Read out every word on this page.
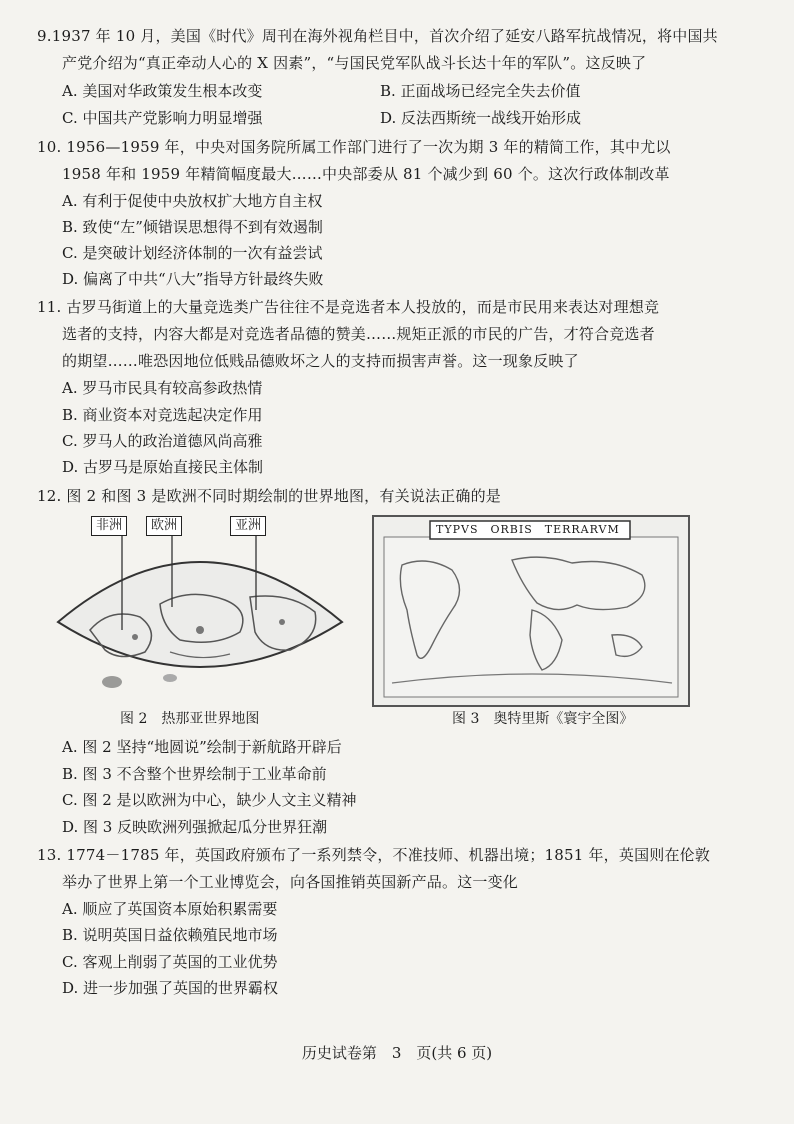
9.1937 年 10 月，美国《时代》周刊在海外视角栏目中，首次介绍了延安八路军抗战情况，将中国共
产党介绍为“真正牵动人心的 X 因素”，“与国民党军队战斗长达十年的军队”。这反映了
A. 美国对华政策发生根本改变	B. 正面战场已经完全失去价值
C. 中国共产党影响力明显增强	D. 反法西斯统一战线开始形成
10. 1956—1959 年，中央对国务院所属工作部门进行了一次为期 3 年的精简工作，其中尤以
1958 年和 1959 年精简幅度最大……中央部委从 81 个减少到 60 个。这次行政体制改革
A. 有利于促使中央放权扩大地方自主权
B. 致使“左”倾错误思想得不到有效遏制
C. 是突破计划经济体制的一次有益尝试
D. 偏离了中共“八大”指导方针最终失败
11. 古罗马街道上的大量竞选类广告往往不是竞选者本人投放的，而是市民用来表达对理想竞
选者的支持，内容大都是对竞选者品德的赞美……规矩正派的市民的广告，才符合竞选者
的期望……唯恐因地位低贱品德败坏之人的支持而损害声誉。这一现象反映了
A. 罗马市民具有较高参政热情
B. 商业资本对竞选起决定作用
C. 罗马人的政治道德风尚高雅
D. 古罗马是原始直接民主体制
12. 图 2 和图 3 是欧洲不同时期绘制的世界地图，有关说法正确的是
非洲	欧洲	亚洲
图 2　热那亚世界地图
TYPVS　ORBIS　TERRARVM
图 3　奥特里斯《寰宇全图》
A. 图 2 坚持“地圆说”绘制于新航路开辟后
B. 图 3 不含整个世界绘制于工业革命前
C. 图 2 是以欧洲为中心，缺少人文主义精神
D. 图 3 反映欧洲列强掀起瓜分世界狂潮
13. 1774－1785 年，英国政府颁布了一系列禁令，不准技师、机器出境；1851 年，英国则在伦敦
举办了世界上第一个工业博览会，向各国推销英国新产品。这一变化
A. 顺应了英国资本原始积累需要
B. 说明英国日益依赖殖民地市场
C. 客观上削弱了英国的工业优势
D. 进一步加强了英国的世界霸权
历史试卷第　3　页(共 6 页)
